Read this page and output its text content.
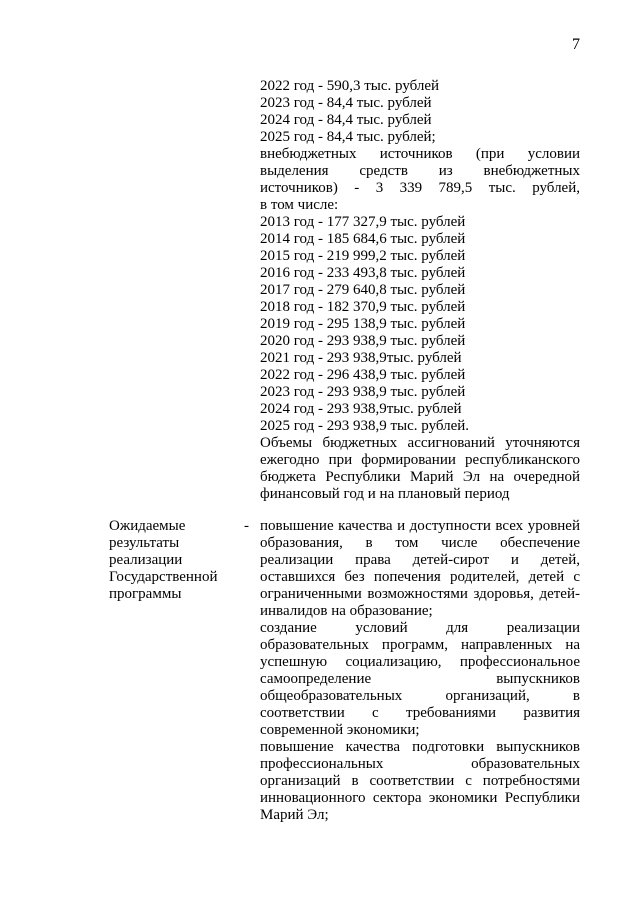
7
2022 год - 590,3 тыс. рублей
2023 год - 84,4 тыс. рублей
2024 год - 84,4 тыс. рублей
2025 год - 84,4 тыс. рублей;
внебюджетных источников (при условии
выделения средств из внебюджетных
источников) - 3 339 789,5 тыс. рублей,
в том числе:
2013 год - 177 327,9 тыс. рублей
2014 год - 185 684,6 тыс. рублей
2015 год - 219 999,2 тыс. рублей
2016 год - 233 493,8 тыс. рублей
2017 год - 279 640,8 тыс. рублей
2018 год - 182 370,9 тыс. рублей
2019 год - 295 138,9 тыс. рублей
2020 год - 293 938,9 тыс. рублей
2021 год - 293 938,9тыс. рублей
2022 год - 296 438,9 тыс. рублей
2023 год - 293 938,9 тыс. рублей
2024 год - 293 938,9тыс. рублей
2025 год - 293 938,9 тыс. рублей.
Объемы бюджетных ассигнований уточняются ежегодно при формировании республиканского бюджета Республики Марий Эл на очередной финансовый год и на плановый период
Ожидаемые
результаты
реализации
Государственной
программы
- повышение качества и доступности всех уровней образования, в том числе обеспечение реализации права детей-сирот и детей, оставшихся без попечения родителей, детей с ограниченными возможностями здоровья, детей-инвалидов на образование;
создание условий для реализации образовательных программ, направленных на успешную социализацию, профессиональное самоопределение выпускников общеобразовательных организаций, в соответствии с требованиями развития современной экономики;
повышение качества подготовки выпускников профессиональных образовательных организаций в соответствии с потребностями инновационного сектора экономики Республики Марий Эл;
